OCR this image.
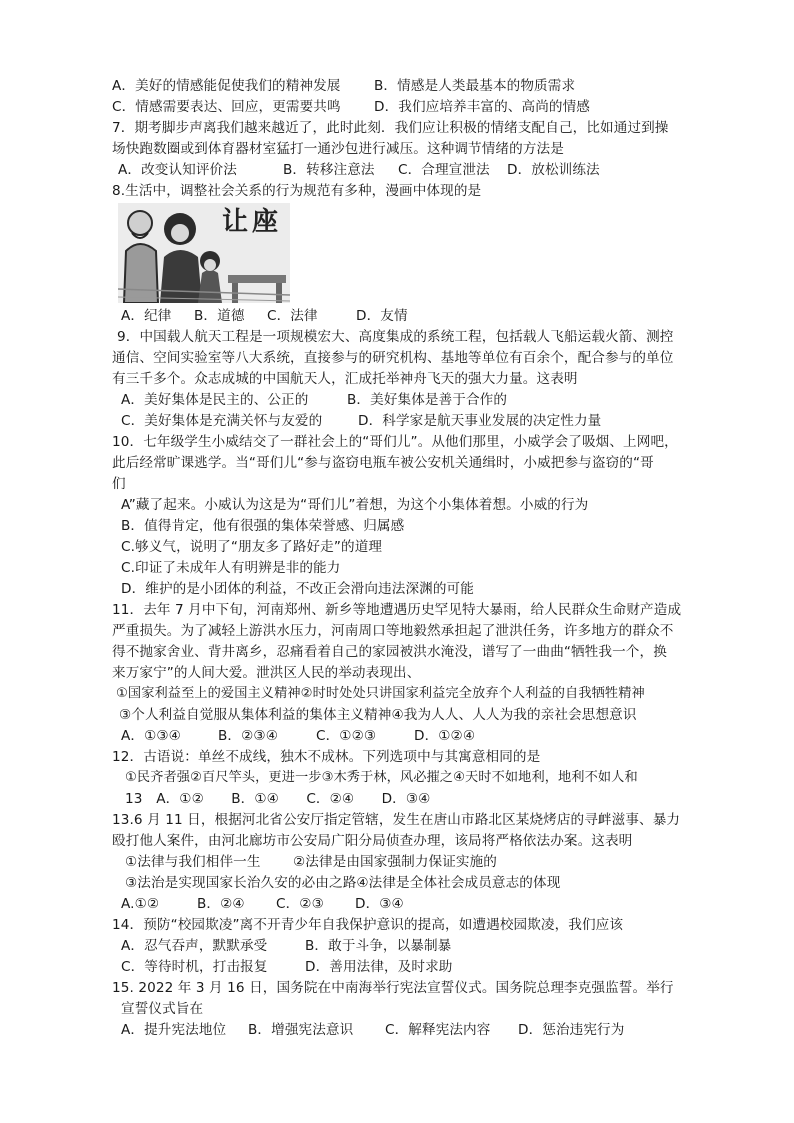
A．美好的情感能促使我们的精神发展 B．情感是人类最基本的物质需求
C．情感需要表达、回应，更需要共鸣 D．我们应培养丰富的、高尚的情感
7．期考脚步声离我们越来越近了，此时此刻．我们应让积极的情绪支配自己，比如通过到操
场快跑数圈或到体育器材室猛打一通沙包进行减压。这种调节情绪的方法是
A．改变认知评价法	B．转移注意法 C．合理宣泄法 D．放松训练法
8.生活中，调整社会关系的行为规范有多种，漫画中体现的是
让座
A．纪律 B．道德 C．法律	D．友情
9．中国载人航天工程是一项规模宏大、高度集成的系统工程，包括载人飞船运载火箭、测控
通信、空间实验室等八大系统，直接参与的研究机构、基地等单位有百余个，配合参与的单位
有三千多个。众志成城的中国航天人，汇成托举神舟飞天的强大力量。这表明
A．美好集体是民主的、公正的	B．美好集体是善于合作的
C．美好集体是充满关怀与友爱的	D．科学家是航天事业发展的决定性力量
10．七年级学生小威结交了一群社会上的“哥们儿”。从他们那里，小威学会了吸烟、上网吧，
此后经常旷课逃学。当“哥们儿“参与盗窃电瓶车被公安机关通缉时，小威把参与盗窃的“哥
们
A”藏了起来。小威认为这是为“哥们儿”着想，为这个小集体着想。小威的行为
B．值得肯定，他有很强的集体荣誉感、归属感
C.够义气，说明了“朋友多了路好走”的道理
C.印证了未成年人有明辨是非的能力
D．维护的是小团体的利益，不改正会滑向违法深渊的可能
11．去年 7 月中下旬，河南郑州、新乡等地遭遇历史罕见特大暴雨，给人民群众生命财产造成
严重损失。为了减轻上游洪水压力，河南周口等地毅然承担起了泄洪任务，许多地方的群众不
得不抛家舍业、背井离乡，忍痛看着自己的家园被洪水淹没，谱写了一曲曲“牺牲我一个，换
来万家宁”的人间大爱。泄洪区人民的举动表现出、
①国家利益至上的爱国主义精神②时时处处只讲国家利益完全放弃个人利益的自我牺牲精神
③个人利益自觉服从集体利益的集体主义精神④我为人人、人人为我的亲社会思想意识
A．①③④	B．②③④	C．①②③	D．①②④
12．古语说：单丝不成线，独木不成林。下列选项中与其寓意相同的是
①民齐者强②百尺竿头，更进一步③木秀于林，风必摧之④天时不如地利，地利不如人和
13　A．①②　　B．①④　　C．②④　　D．③④
13.6 月 11 日，根据河北省公安厅指定管辖，发生在唐山市路北区某烧烤店的寻衅滋事、暴力
殴打他人案件，由河北廊坊市公安局广阳分局侦查办理，该局将严格依法办案。这表明
①法律与我们相伴一生 ②法律是由国家强制力保证实施的
③法治是实现国家长治久安的必由之路④法律是全体社会成员意志的体现
A.①②	B．②④ C．②③ D．③④
14．预防“校园欺凌”离不开青少年自我保护意识的提高，如遭遇校园欺凌，我们应该
A．忍气吞声，默默承受	B．敢于斗争，以暴制暴
C．等待时机，打击报复	D．善用法律，及时求助
15. 2022 年 3 月 16 日，国务院在中南海举行宪法宣誓仪式。国务院总理李克强监誓。举行
宣誓仪式旨在
A．提升宪法地位 B．增强宪法意识 C．解释宪法内容 D．惩治违宪行为
